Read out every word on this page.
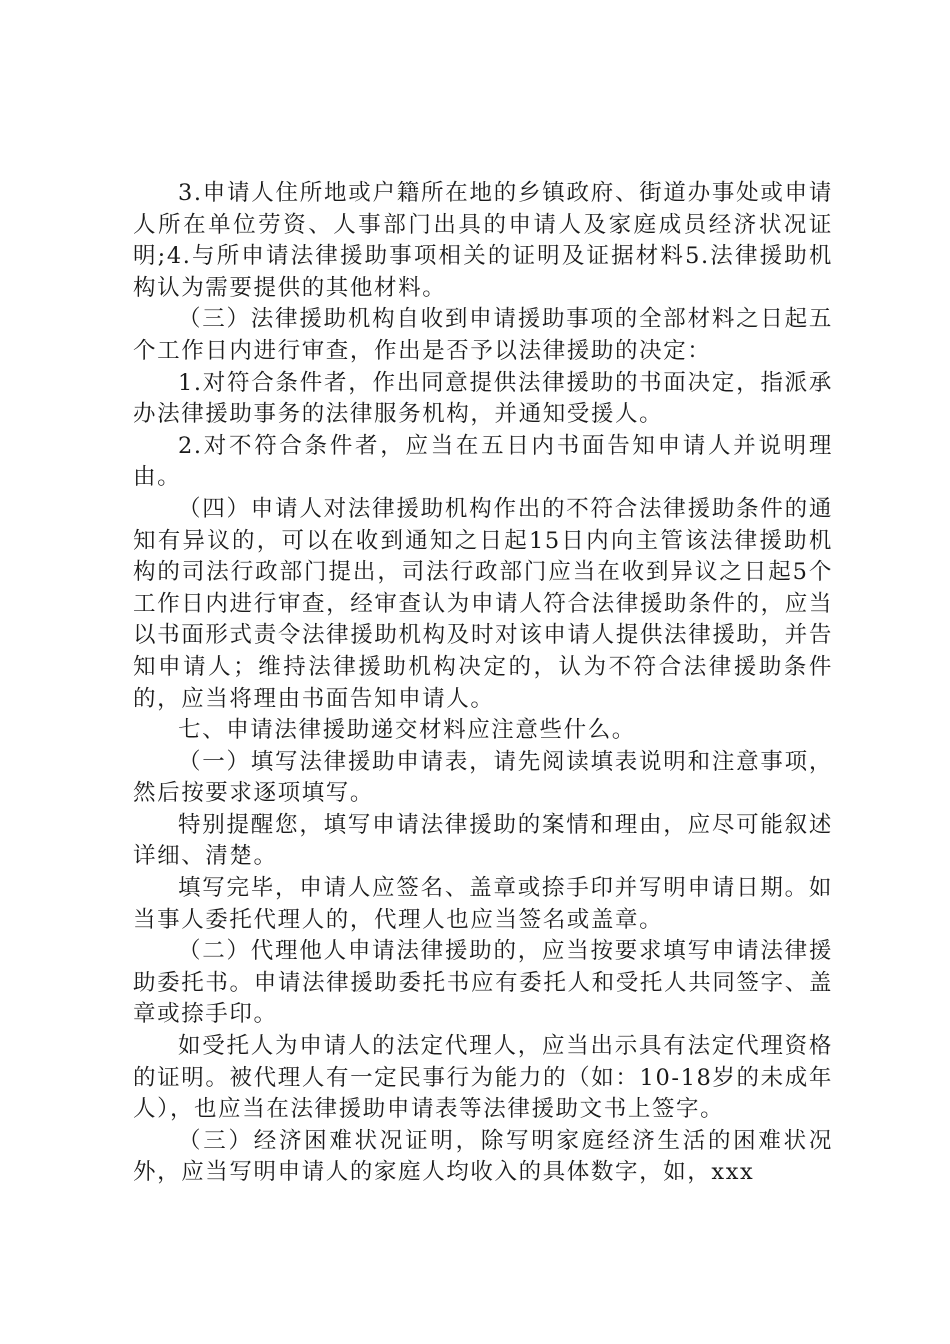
3.申请人住所地或户籍所在地的乡镇政府、街道办事处或申请人所在单位劳资、人事部门出具的申请人及家庭成员经济状况证明;4.与所申请法律援助事项相关的证明及证据材料5.法律援助机构认为需要提供的其他材料。

（三）法律援助机构自收到申请援助事项的全部材料之日起五个工作日内进行审查，作出是否予以法律援助的决定：

1.对符合条件者，作出同意提供法律援助的书面决定，指派承办法律援助事务的法律服务机构，并通知受援人。

2.对不符合条件者，应当在五日内书面告知申请人并说明理由。

（四）申请人对法律援助机构作出的不符合法律援助条件的通知有异议的，可以在收到通知之日起15日内向主管该法律援助机构的司法行政部门提出，司法行政部门应当在收到异议之日起5个工作日内进行审查，经审查认为申请人符合法律援助条件的，应当以书面形式责令法律援助机构及时对该申请人提供法律援助，并告知申请人；维持法律援助机构决定的，认为不符合法律援助条件的，应当将理由书面告知申请人。

七、申请法律援助递交材料应注意些什么。

（一）填写法律援助申请表，请先阅读填表说明和注意事项，然后按要求逐项填写。

特别提醒您，填写申请法律援助的案情和理由，应尽可能叙述详细、清楚。

填写完毕，申请人应签名、盖章或捺手印并写明申请日期。如当事人委托代理人的，代理人也应当签名或盖章。

（二）代理他人申请法律援助的，应当按要求填写申请法律援助委托书。申请法律援助委托书应有委托人和受托人共同签字、盖章或捺手印。

如受托人为申请人的法定代理人，应当出示具有法定代理资格的证明。被代理人有一定民事行为能力的（如：10-18岁的未成年人），也应当在法律援助申请表等法律援助文书上签字。

（三）经济困难状况证明，除写明家庭经济生活的困难状况外，应当写明申请人的家庭人均收入的具体数字，如，xxx
